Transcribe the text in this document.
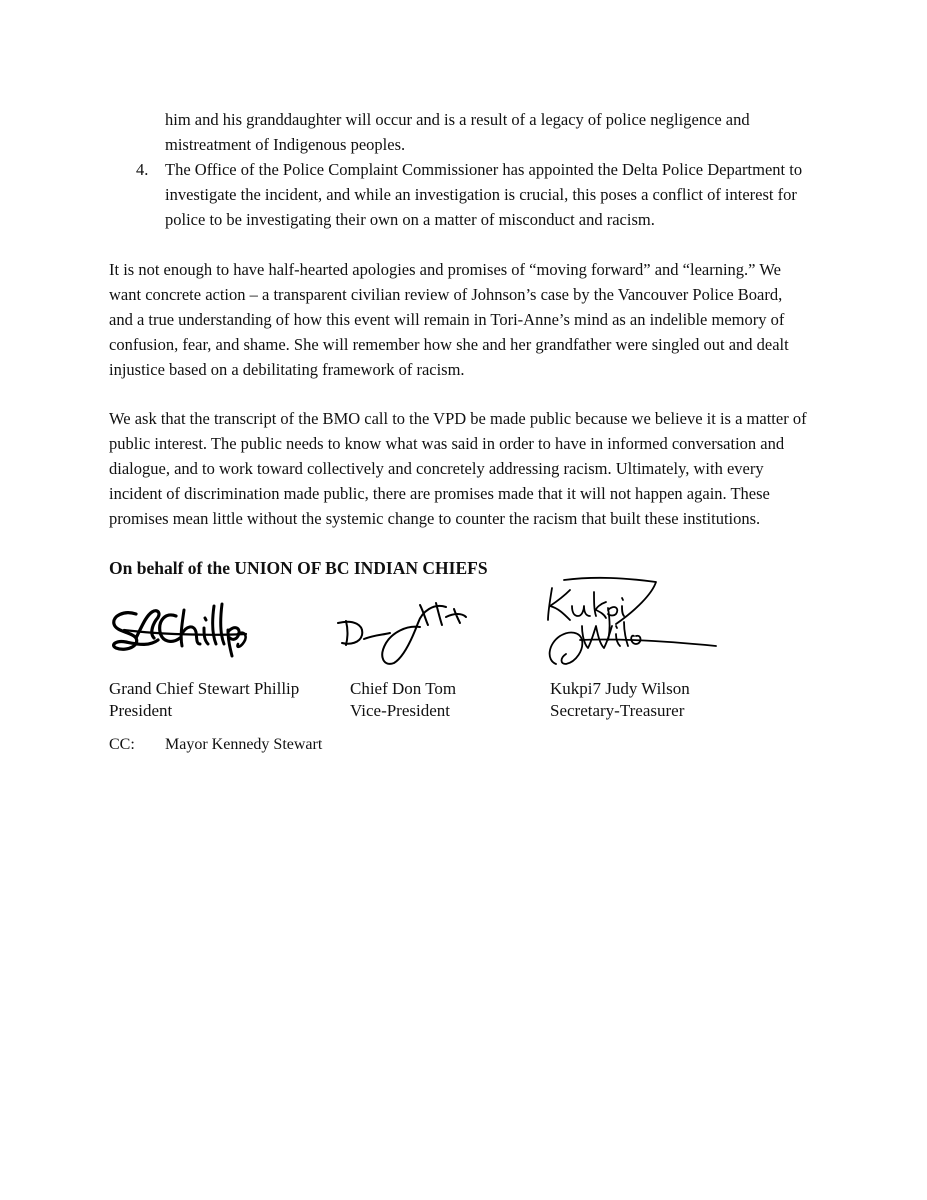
him and his granddaughter will occur and is a result of a legacy of police negligence and

mistreatment of Indigenous peoples.

4. The Office of the Police Complaint Commissioner has appointed the Delta Police Department to

investigate the incident, and while an investigation is crucial, this poses a conflict of interest for

police to be investigating their own on a matter of misconduct and racism.

It is not enough to have half-hearted apologies and promises of “moving forward” and “learning.” We

want concrete action – a transparent civilian review of Johnson’s case by the Vancouver Police Board,

and a true understanding of how this event will remain in Tori-Anne’s mind as an indelible memory of

confusion, fear, and shame. She will remember how she and her grandfather were singled out and dealt

injustice based on a debilitating framework of racism.

We ask that the transcript of the BMO call to the VPD be made public because we believe it is a matter of

public interest. The public needs to know what was said in order to have in informed conversation and

dialogue, and to work toward collectively and concretely addressing racism. Ultimately, with every

incident of discrimination made public, there are promises made that it will not happen again. These

promises mean little without the systemic change to counter the racism that built these institutions.

On behalf of the UNION OF BC INDIAN CHIEFS
Grand Chief Stewart Phillip
President
Chief Don Tom
Vice-President
Kukpi7 Judy Wilson
Secretary-Treasurer
CC: Mayor Kennedy Stewart
